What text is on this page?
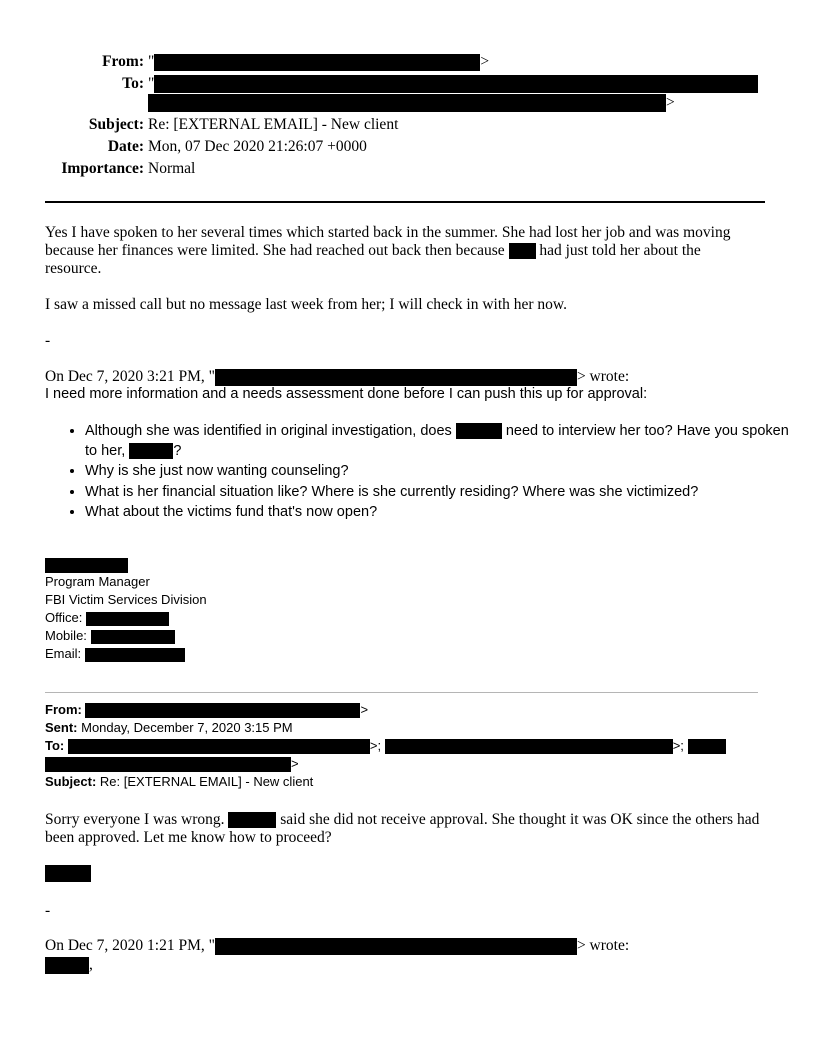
From: "	>
To: "
>
Subject: Re: [EXTERNAL EMAIL] - New client
Date: Mon, 07 Dec 2020 21:26:07 +0000
Importance: Normal
Yes I have spoken to her several times which started back in the summer. She had lost her job and was moving because her finances were limited. She had reached out back then because had just told her about the resource.
I saw a missed call but no message last week from her; I will check in with her now.
-
On Dec 7, 2020 3:21 PM, "	> wrote:
I need more information and a needs assessment done before I can push this up for approval:
• Although she was identified in original investigation, does	need to interview her too? Have you spoken to her,	?
• Why is she just now wanting counseling?
• What is her financial situation like? Where is she currently residing? Where was she victimized?
• What about the victims fund that's now open?
Program Manager
FBI Victim Services Division
Office:
Mobile:
Email:
From:	>
Sent: Monday, December 7, 2020 3:15 PM
To:	>;	>;
>
Subject: Re: [EXTERNAL EMAIL] - New client
Sorry everyone I was wrong.	said she did not receive approval. She thought it was OK since the others had been approved. Let me know how to proceed?
-
On Dec 7, 2020 1:21 PM, "	> wrote:
,
